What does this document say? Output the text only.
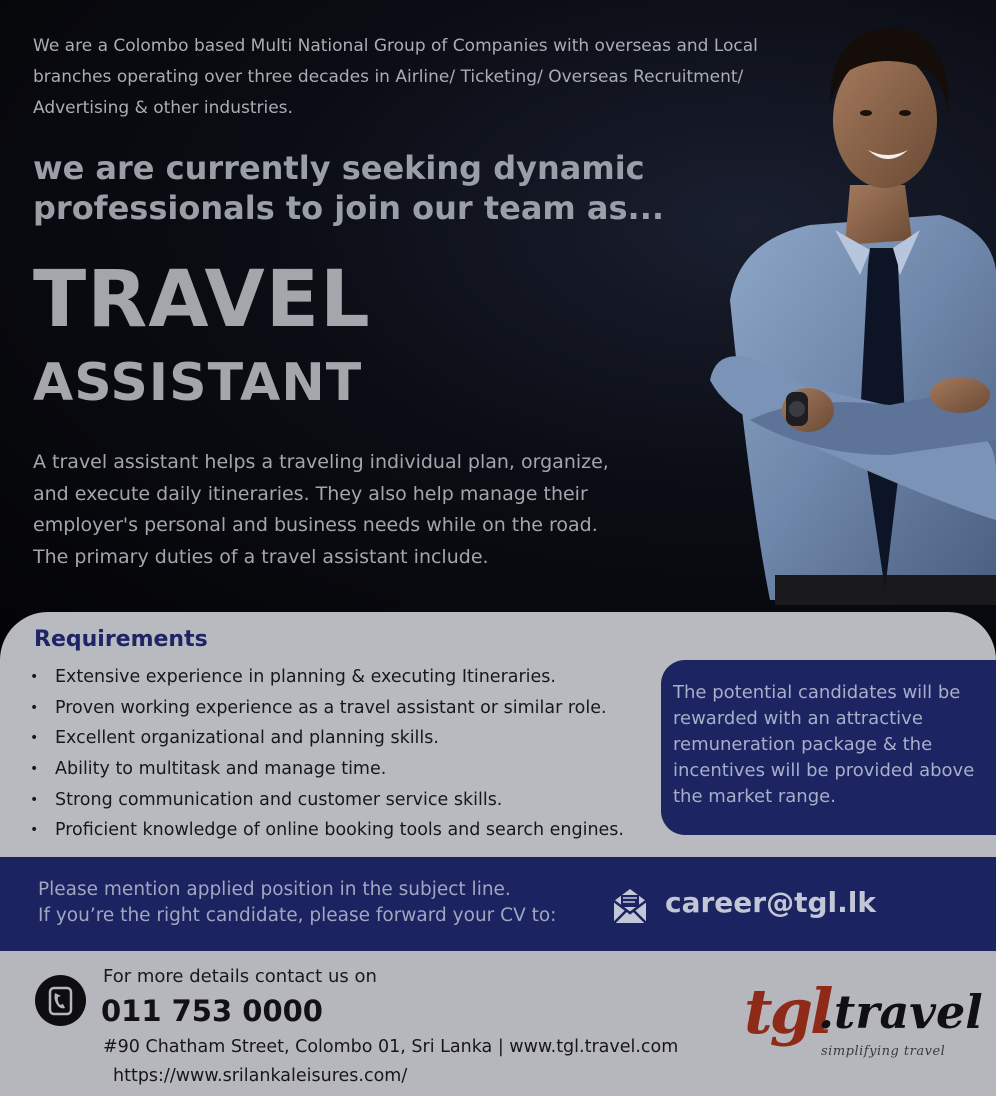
We are a Colombo based Multi National Group of Companies with overseas and Local
branches operating over three decades in Airline/ Ticketing/ Overseas Recruitment/
Advertising & other industries.
we are currently seeking dynamic
professionals to join our team as...
TRAVEL
ASSISTANT
A travel assistant helps a traveling individual plan, organize,
and execute daily itineraries. They also help manage their
employer's personal and business needs while on the road.
The primary duties of a travel assistant include.
Requirements
• Extensive experience in planning & executing Itineraries.
• Proven working experience as a travel assistant or similar role.
• Excellent organizational and planning skills.
• Ability to multitask and manage time.
• Strong communication and customer service skills.
• Proficient knowledge of online booking tools and search engines.
The potential candidates will be
rewarded with an attractive
remuneration package & the
incentives will be provided above
the market range.
Please mention applied position in the subject line.
If you’re the right candidate, please forward your CV to:	career@tgl.lk
For more details contact us on
011 753 0000
#90 Chatham Street, Colombo 01, Sri Lanka | www.tgl.travel.com
https://www.srilankaleisures.com/
tgl
.travel
simplifying travel
